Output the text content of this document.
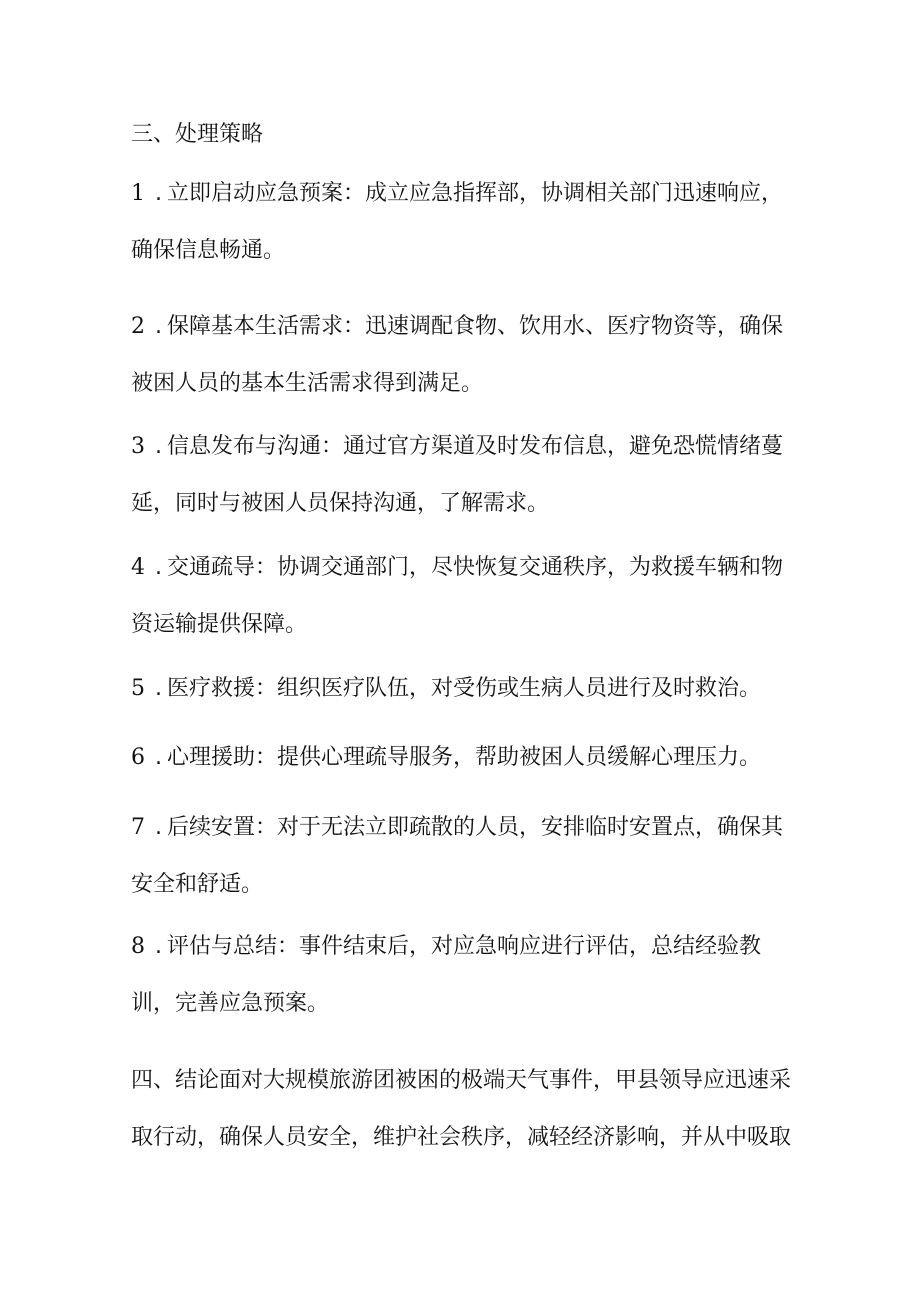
三、处理策略
1 . 立即启动应急预案：成立应急指挥部，协调相关部门迅速响应，
确保信息畅通。
2 . 保障基本生活需求：迅速调配食物、饮用水、医疗物资等，确保
被困人员的基本生活需求得到满足。
3 . 信息发布与沟通：通过官方渠道及时发布信息，避免恐慌情绪蔓
延，同时与被困人员保持沟通，了解需求。
4 . 交通疏导：协调交通部门，尽快恢复交通秩序，为救援车辆和物
资运输提供保障。
5 . 医疗救援：组织医疗队伍，对受伤或生病人员进行及时救治。
6 . 心理援助：提供心理疏导服务，帮助被困人员缓解心理压力。
7 . 后续安置：对于无法立即疏散的人员，安排临时安置点，确保其
安全和舒适。
8 . 评估与总结：事件结束后，对应急响应进行评估，总结经验教
训，完善应急预案。
四、结论面对大规模旅游团被困的极端天气事件，甲县领导应迅速采
取行动，确保人员安全，维护社会秩序，减轻经济影响，并从中吸取
